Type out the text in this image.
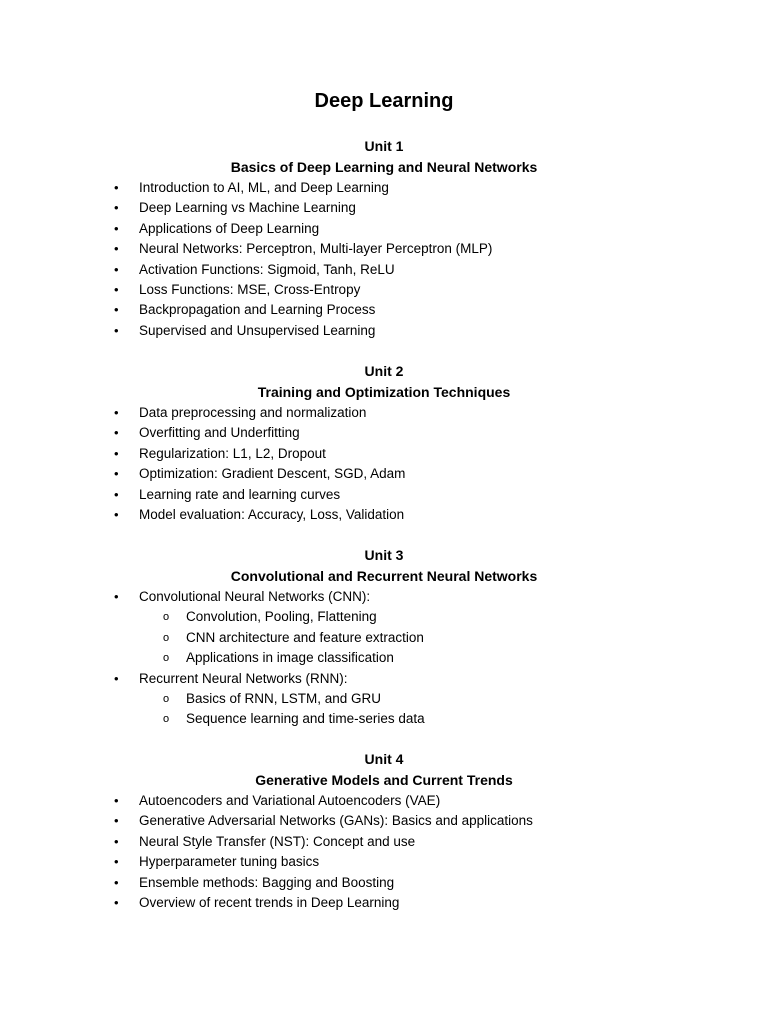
Deep Learning
Unit 1
Basics of Deep Learning and Neural Networks
• Introduction to AI, ML, and Deep Learning
• Deep Learning vs Machine Learning
• Applications of Deep Learning
• Neural Networks: Perceptron, Multi-layer Perceptron (MLP)
• Activation Functions: Sigmoid, Tanh, ReLU
• Loss Functions: MSE, Cross-Entropy
• Backpropagation and Learning Process
• Supervised and Unsupervised Learning
Unit 2
Training and Optimization Techniques
• Data preprocessing and normalization
• Overfitting and Underfitting
• Regularization: L1, L2, Dropout
• Optimization: Gradient Descent, SGD, Adam
• Learning rate and learning curves
• Model evaluation: Accuracy, Loss, Validation
Unit 3
Convolutional and Recurrent Neural Networks
• Convolutional Neural Networks (CNN):
o Convolution, Pooling, Flattening
o CNN architecture and feature extraction
o Applications in image classification
• Recurrent Neural Networks (RNN):
o Basics of RNN, LSTM, and GRU
o Sequence learning and time-series data
Unit 4
Generative Models and Current Trends
• Autoencoders and Variational Autoencoders (VAE)
• Generative Adversarial Networks (GANs): Basics and applications
• Neural Style Transfer (NST): Concept and use
• Hyperparameter tuning basics
• Ensemble methods: Bagging and Boosting
• Overview of recent trends in Deep Learning
